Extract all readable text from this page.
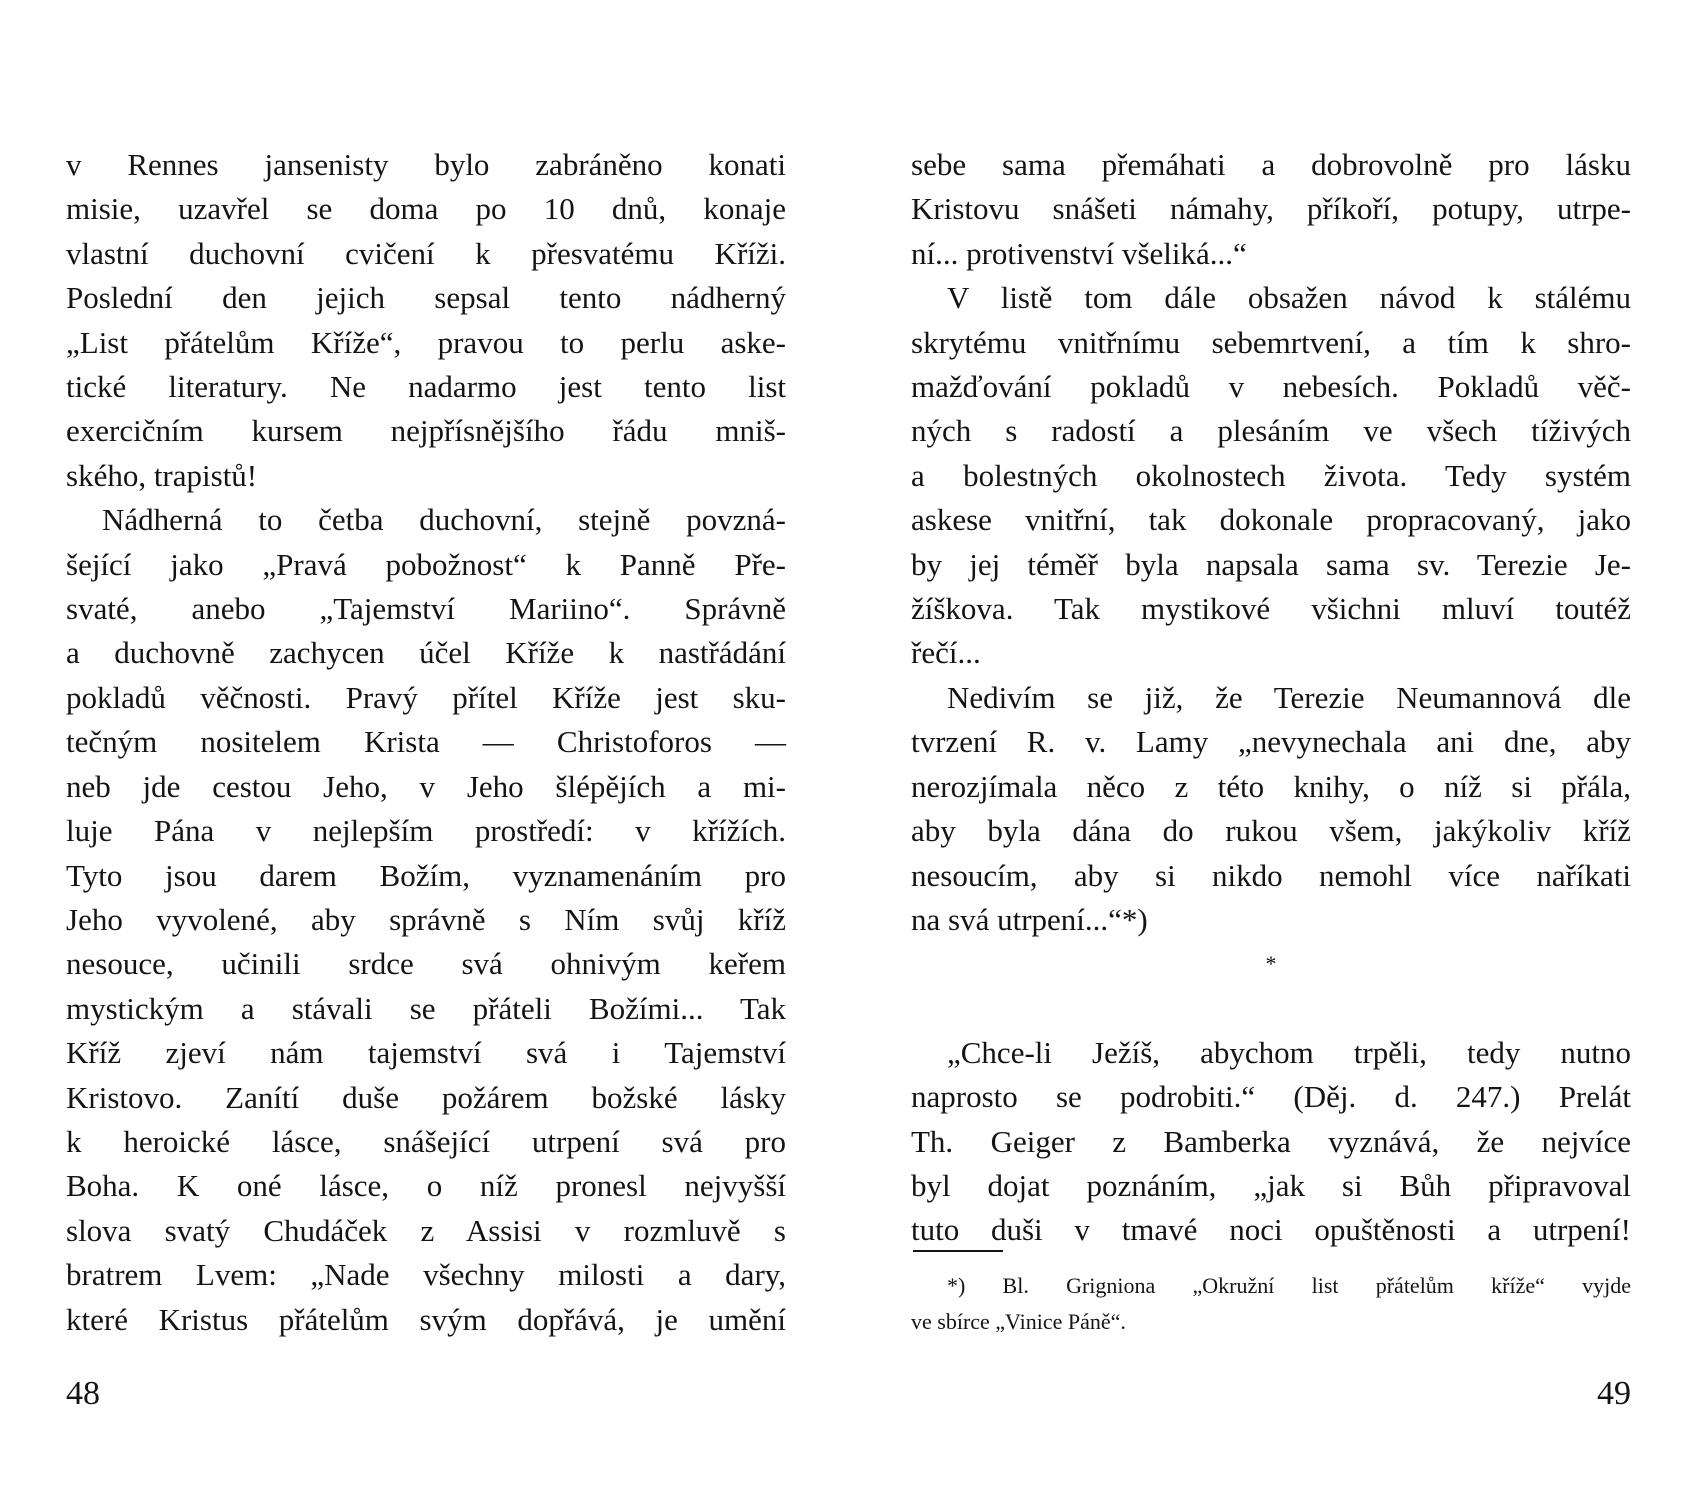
v Rennes jansenisty bylo zabráněno konati
misie, uzavřel se doma po 10 dnů, konaje
vlastní duchovní cvičení k přesvatému Kříži.
Poslední den jejich sepsal tento nádherný
„List přátelům Kříže“, pravou to perlu aske-
tické literatury. Ne nadarmo jest tento list
exercičním kursem nejpřísnějšího řádu mniš-
ského, trapistů!

Nádherná to četba duchovní, stejně povzná-
šející jako „Pravá pobožnost“ k Panně Pře-
svaté, anebo „Tajemství Mariino“. Správně
a duchovně zachycen účel Kříže k nastřádání
pokladů věčnosti. Pravý přítel Kříže jest sku-
tečným nositelem Krista — Christoforos —
neb jde cestou Jeho, v Jeho šlépějích a mi-
luje Pána v nejlepším prostředí: v křížích.
Tyto jsou darem Božím, vyznamenáním pro
Jeho vyvolené, aby správně s Ním svůj kříž
nesouce, učinili srdce svá ohnivým keřem
mystickým a stávali se přáteli Božími... Tak
Kříž zjeví nám tajemství svá i Tajemství
Kristovo. Zanítí duše požárem božské lásky
k heroické lásce, snášející utrpení svá pro
Boha. K oné lásce, o níž pronesl nejvyšší
slova svatý Chudáček z Assisi v rozmluvě s
bratrem Lvem: „Nade všechny milosti a dary,
které Kristus přátelům svým dopřává, je umění

48

sebe sama přemáhati a dobrovolně pro lásku
Kristovu snášeti námahy, příkoří, potupy, utrpe-
ní... protivenství všeliká...“

V listě tom dále obsažen návod k stálému
skrytému vnitřnímu sebemrtvení, a tím k shro-
mažďování pokladů v nebesích. Pokladů věč-
ných s radostí a plesáním ve všech tíživých
a bolestných okolnostech života. Tedy systém
askese vnitřní, tak dokonale propracovaný, jako
by jej téměř byla napsala sama sv. Terezie Je-
žíškova. Tak mystikové všichni mluví toutéž
řečí...

Nedivím se již, že Terezie Neumannová dle
tvrzení R. v. Lamy „nevynechala ani dne, aby
nerozjímala něco z této knihy, o níž si přála,
aby byla dána do rukou všem, jakýkoliv kříž
nesoucím, aby si nikdo nemohl více naříkati
na svá utrpení...“*)

*

„Chce-li Ježíš, abychom trpěli, tedy nutno
naprosto se podrobiti.“ (Děj. d. 247.) Prelát
Th. Geiger z Bamberka vyznává, že nejvíce
byl dojat poznáním, „jak si Bůh připravoval
tuto duši v tmavé noci opuštěnosti a utrpení!

*) Bl. Grigniona „Okružní list přátelům kříže“ vyjde
ve sbírce „Vinice Páně“.
49
